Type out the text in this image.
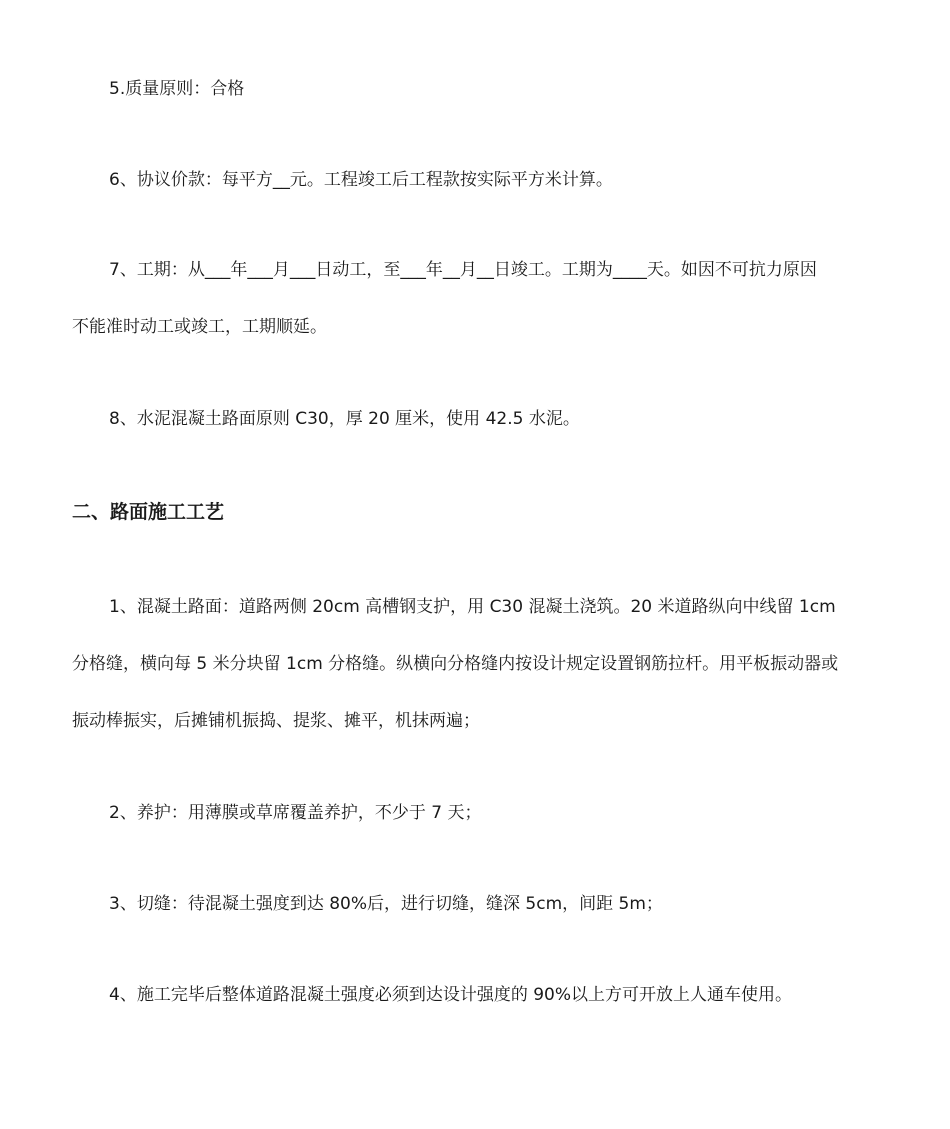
5.质量原则：合格

6、协议价款：每平方__元。工程竣工后工程款按实际平方米计算。

7、工期：从___年___月___日动工，至___年__月__日竣工。工期为____天。如因不可抗力原因
不能准时动工或竣工，工期顺延。

8、水泥混凝土路面原则 C30，厚 20 厘米，使用 42.5 水泥。

二、路面施工工艺

1、混凝土路面：道路两侧 20cm 高槽钢支护，用 C30 混凝土浇筑。20 米道路纵向中线留 1cm
分格缝，横向每 5 米分块留 1cm 分格缝。纵横向分格缝内按设计规定设置钢筋拉杆。用平板振动器或
振动棒振实，后摊铺机振捣、提浆、摊平，机抹两遍；

2、养护：用薄膜或草席覆盖养护，不少于 7 天；

3、切缝：待混凝土强度到达 80%后，进行切缝，缝深 5cm，间距 5m；

4、施工完毕后整体道路混凝土强度必须到达设计强度的 90%以上方可开放上人通车使用。
